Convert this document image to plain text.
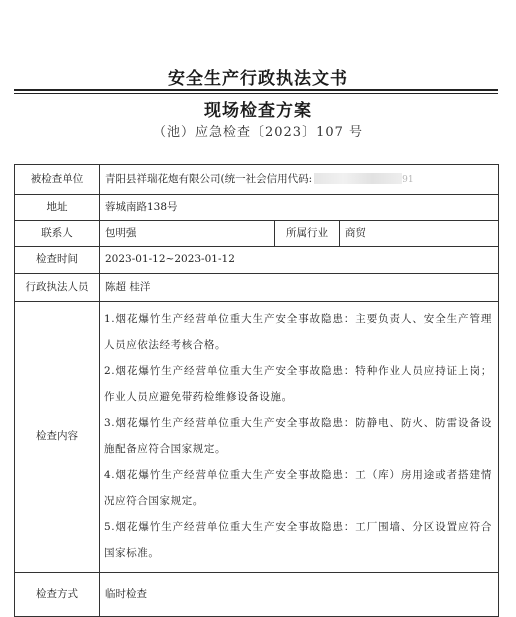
安全生产行政执法文书
现场检查方案
（池）应急检查〔2023〕107 号
被检查单位	青阳县祥瑞花炮有限公司(统一社会信用代码: 91		
地址	蓉城南路138号		
联系人	包明强	所属行业	商贸
检查时间	2023-01-12~2023-01-12		
行政执法人员	陈超 桂洋		
检查内容	1.烟花爆竹生产经营单位重大生产安全事故隐患：主要负责人、安全生产管理人员应依法经考核合格。

2.烟花爆竹生产经营单位重大生产安全事故隐患：特种作业人员应持证上岗；作业人员应避免带药检维修设备设施。

3.烟花爆竹生产经营单位重大生产安全事故隐患：防静电、防火、防雷设备设施配备应符合国家规定。

4.烟花爆竹生产经营单位重大生产安全事故隐患：工（库）房用途或者搭建情况应符合国家规定。

5.烟花爆竹生产经营单位重大生产安全事故隐患：工厂围墙、分区设置应符合国家标准。		

检查方式	临时检查		
